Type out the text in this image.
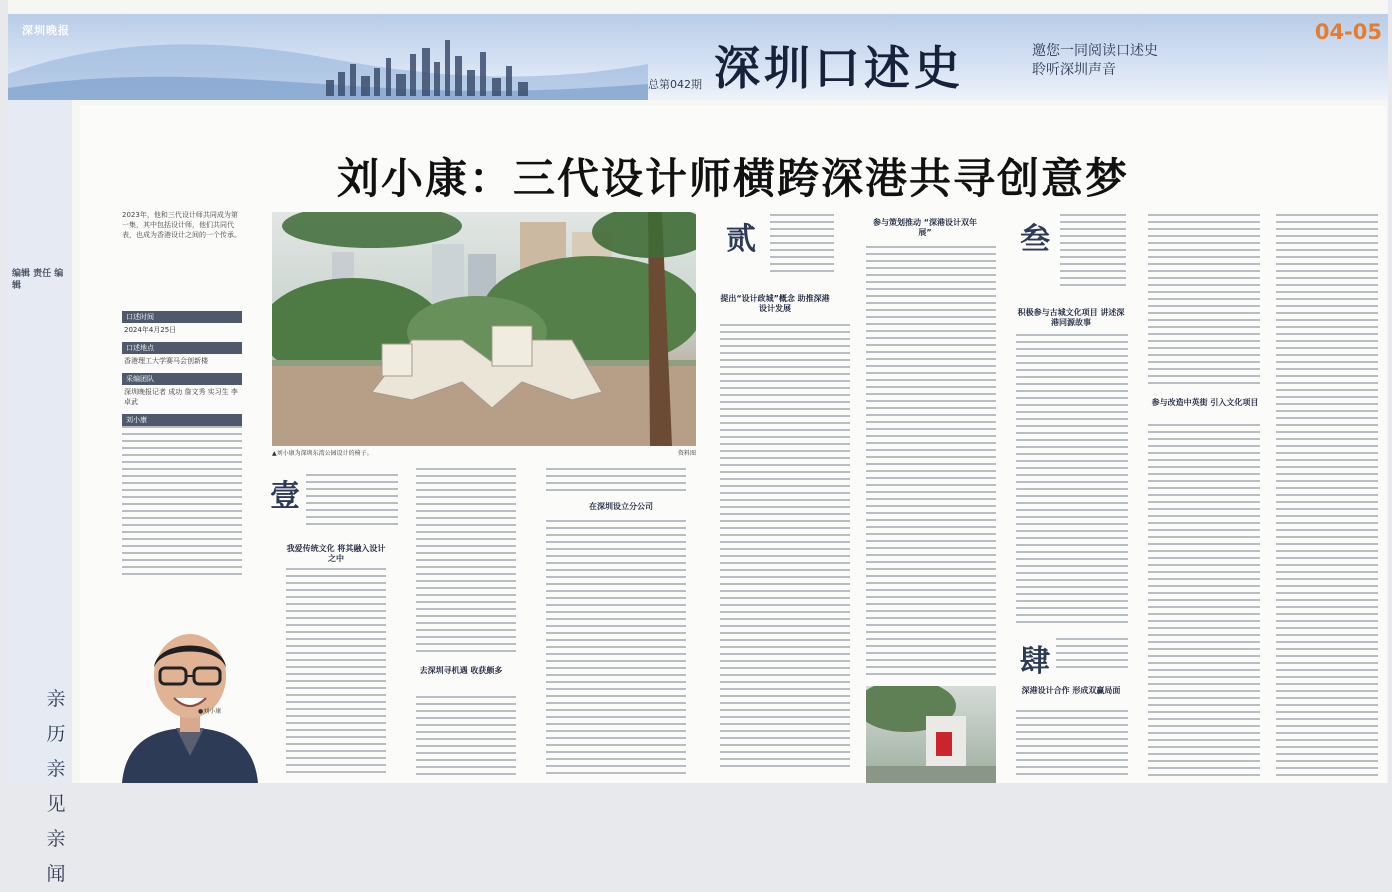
深圳晚报
总第042期 深圳口述史	邀您一同阅读口述史
聆听深圳声音
04-05
编辑 责任 编辑
亲
历
亲
见
亲
闻
刘小康：三代设计师横跨深港共寻创意梦
2023年，他和三代设计师共同成为第一集，其中包括设计师，他们共同代表，也成为香港设计之间的一个传承。
口述时间
2024年4月25日
口述地点
香港理工大学赛马会创新楼
采编团队
深圳晚报记者 成功 詹文秀 实习生 李卓武
刘小康
▲刘小康为深圳东湾公园设计的椅子。	资料图
壹
我爱传统文化 将其融入设计之中
去深圳寻机遇 收获颇多
在深圳设立分公司
贰
提出“设计政城”概念 助推深港设计发展
参与策划推动 “深港设计双年展”	叁
积极参与古城文化项目 讲述深港同源故事
参与改造中英街 引入文化项目
肆
深港设计合作 形成双赢局面
●刘小康
